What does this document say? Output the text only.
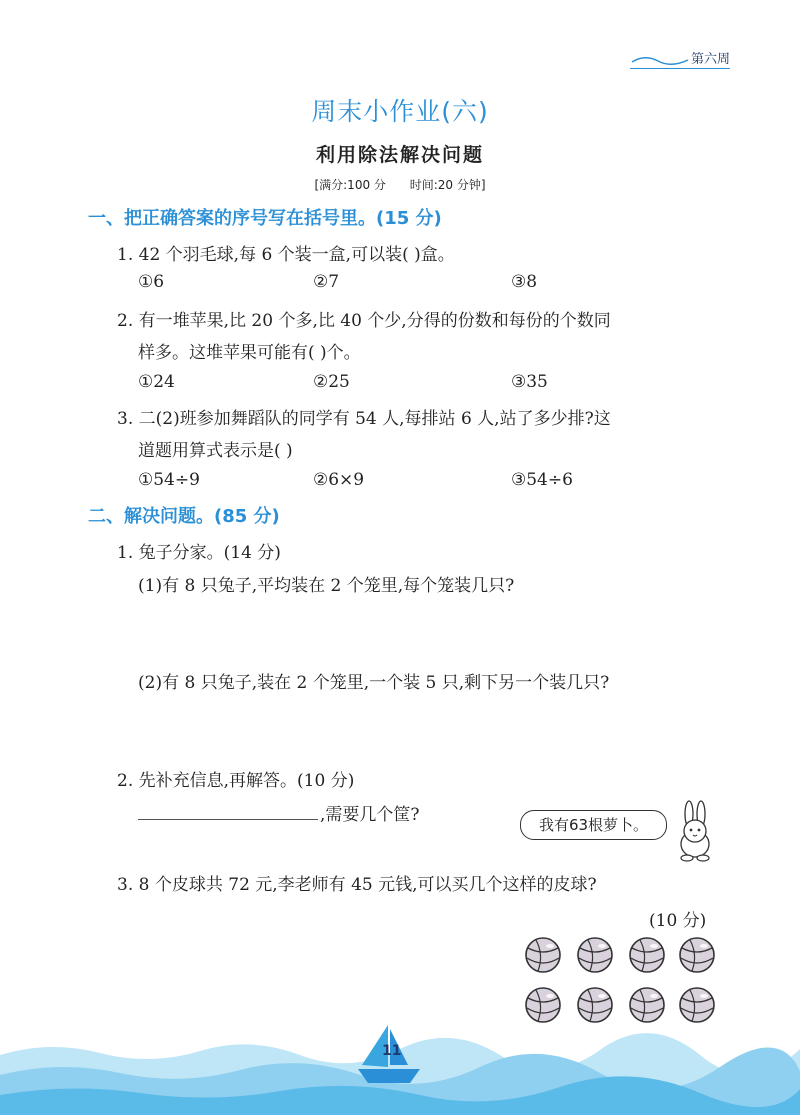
第六周
周末小作业(六)
利用除法解决问题
[满分:100 分 时间:20 分钟]
一、把正确答案的序号写在括号里。(15 分)
1. 42 个羽毛球,每 6 个装一盒,可以装( )盒。
①6	②7	③8
2. 有一堆苹果,比 20 个多,比 40 个少,分得的份数和每份的个数同
样多。这堆苹果可能有( )个。
①24	②25	③35
3. 二(2)班参加舞蹈队的同学有 54 人,每排站 6 人,站了多少排?这
道题用算式表示是( )
①54÷9	②6×9	③54÷6
二、解决问题。(85 分)
1. 兔子分家。(14 分)
(1)有 8 只兔子,平均装在 2 个笼里,每个笼装几只?
(2)有 8 只兔子,装在 2 个笼里,一个装 5 只,剩下另一个装几只?
2. 先补充信息,再解答。(10 分)
,需要几个筐?	我有63根萝卜。
3. 8 个皮球共 72 元,李老师有 45 元钱,可以买几个这样的皮球?
(10 分)
11
